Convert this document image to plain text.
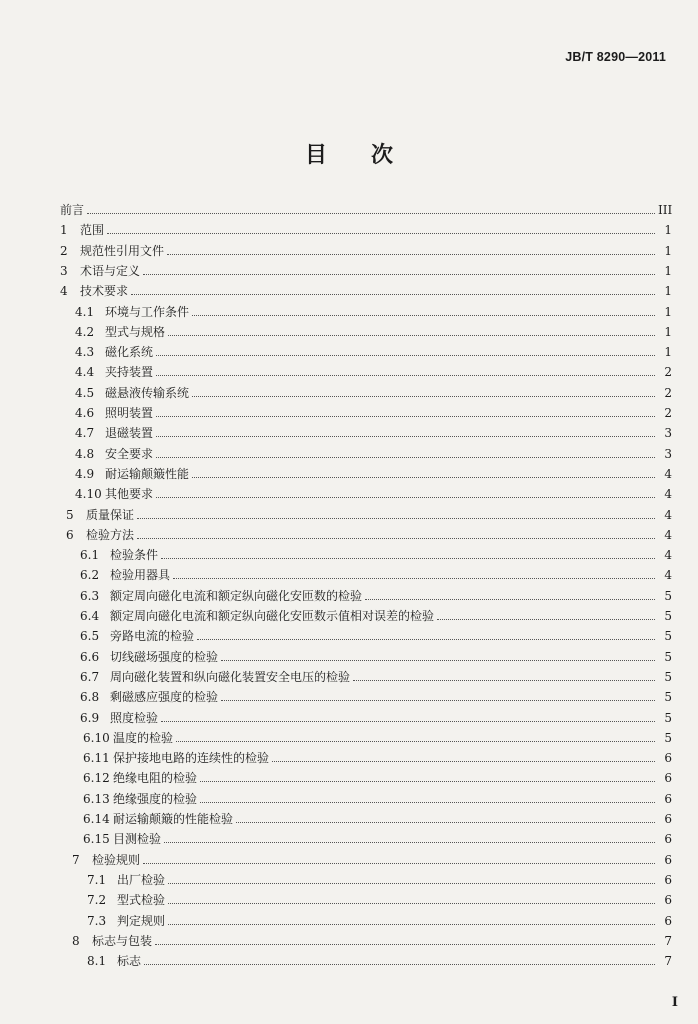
JB/T 8290—2011
目次
前言	III
1	范围	1
2	规范性引用文件	1
3	术语与定义	1
4	技术要求	1
4.1 环境与工作条件	1
4.2 型式与规格	1
4.3 磁化系统	1
4.4 夹持装置	2
4.5 磁悬液传输系统	2
4.6 照明装置	2
4.7 退磁装置	3
4.8 安全要求	3
4.9 耐运输颠簸性能	4
4.10 其他要求	4
5	质量保证	4
6	检验方法	4
6.1 检验条件	4
6.2 检验用器具	4
6.3 额定周向磁化电流和额定纵向磁化安匝数的检验	5
6.4 额定周向磁化电流和额定纵向磁化安匝数示值相对误差的检验	5
6.5 旁路电流的检验	5
6.6 切线磁场强度的检验	5
6.7 周向磁化装置和纵向磁化装置安全电压的检验	5
6.8 剩磁感应强度的检验	5
6.9 照度检验	5
6.10 温度的检验	5
6.11 保护接地电路的连续性的检验	6
6.12 绝缘电阻的检验	6
6.13 绝缘强度的检验	6
6.14 耐运输颠簸的性能检验	6
6.15 目测检验	6
7	检验规则	6
7.1 出厂检验	6
7.2 型式检验	6
7.3 判定规则	6
8	标志与包装	7
8.1 标志	7
I
